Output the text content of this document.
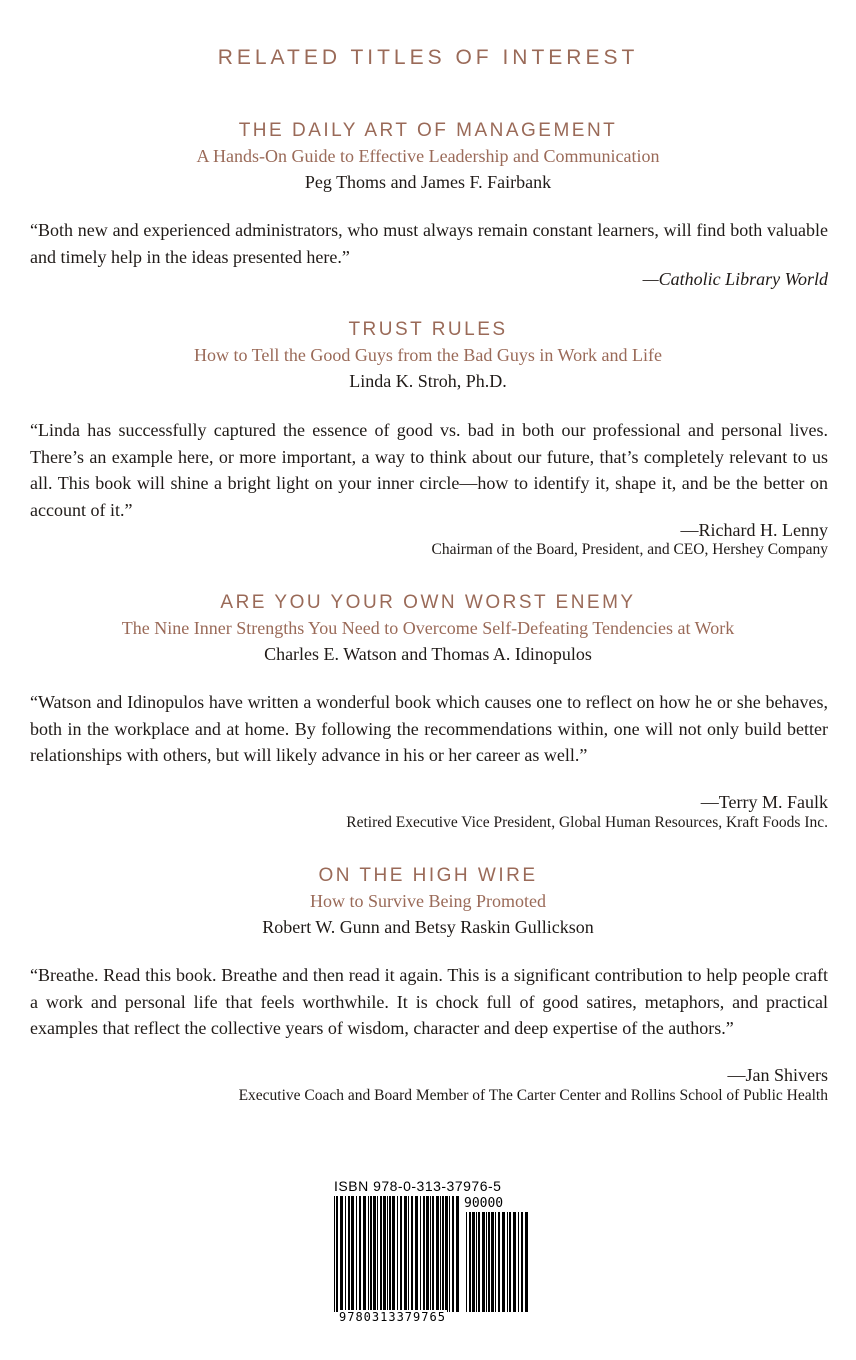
RELATED TITLES OF INTEREST
THE DAILY ART OF MANAGEMENT
A Hands-On Guide to Effective Leadership and Communication
Peg Thoms and James F. Fairbank
“Both new and experienced administrators, who must always remain constant learners, will find both valuable and timely help in the ideas presented here.”
—Catholic Library World
TRUST RULES
How to Tell the Good Guys from the Bad Guys in Work and Life
Linda K. Stroh, Ph.D.
“Linda has successfully captured the essence of good vs. bad in both our professional and personal lives. There’s an example here, or more important, a way to think about our future, that’s completely relevant to us all. This book will shine a bright light on your inner circle—how to identify it, shape it, and be the better on account of it.”
—Richard H. Lenny
Chairman of the Board, President, and CEO, Hershey Company
ARE YOU YOUR OWN WORST ENEMY
The Nine Inner Strengths You Need to Overcome Self-Defeating Tendencies at Work
Charles E. Watson and Thomas A. Idinopulos
“Watson and Idinopulos have written a wonderful book which causes one to reflect on how he or she behaves, both in the workplace and at home. By following the recommendations within, one will not only build better relationships with others, but will likely advance in his or her career as well.”
—Terry M. Faulk
Retired Executive Vice President, Global Human Resources, Kraft Foods Inc.
ON THE HIGH WIRE
How to Survive Being Promoted
Robert W. Gunn and Betsy Raskin Gullickson
“Breathe. Read this book. Breathe and then read it again. This is a significant contribution to help people craft a work and personal life that feels worthwhile. It is chock full of good satires, metaphors, and practical examples that reflect the collective years of wisdom, character and deep expertise of the authors.”
—Jan Shivers
Executive Coach and Board Member of The Carter Center and Rollins School of Public Health
ISBN 978-0-313-37976-5
90000
9780313379765
